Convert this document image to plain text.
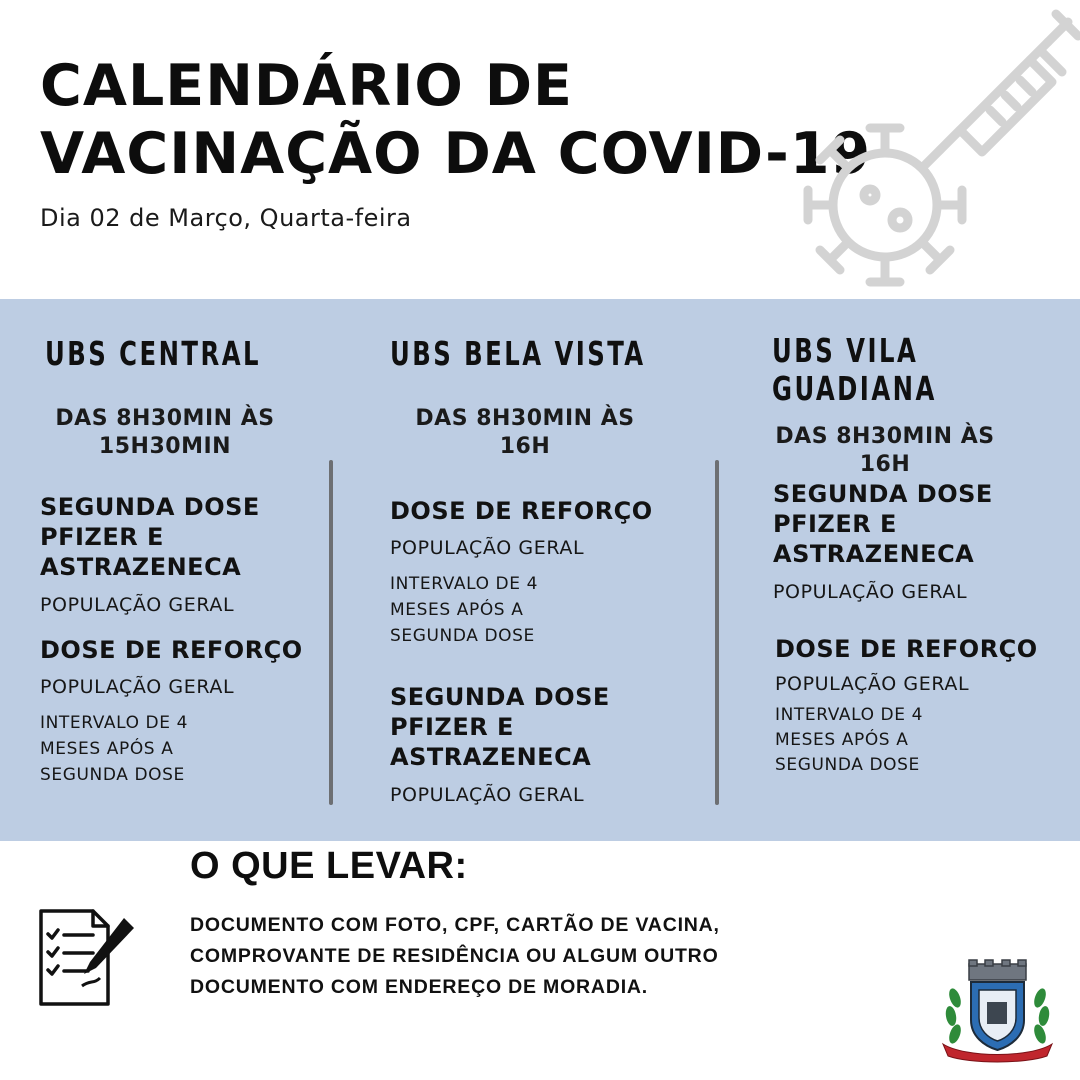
CALENDÁRIO DE
VACINAÇÃO DA COVID-19
Dia 02 de Março, Quarta-feira
UBS CENTRAL
DAS 8H30MIN ÀS
15H30MIN
SEGUNDA DOSE
PFIZER E
ASTRAZENECA
POPULAÇÃO GERAL
DOSE DE REFORÇO
POPULAÇÃO GERAL
INTERVALO DE 4
MESES APÓS A
SEGUNDA DOSE
UBS BELA VISTA
DAS 8H30MIN ÀS
16H
DOSE DE REFORÇO
POPULAÇÃO GERAL
INTERVALO DE 4
MESES APÓS A
SEGUNDA DOSE
SEGUNDA DOSE
PFIZER E
ASTRAZENECA
POPULAÇÃO GERAL
UBS VILA
GUADIANA
DAS 8H30MIN ÀS
16H
SEGUNDA DOSE
PFIZER E
ASTRAZENECA
POPULAÇÃO GERAL
DOSE DE REFORÇO
POPULAÇÃO GERAL
INTERVALO DE 4
MESES APÓS A
SEGUNDA DOSE
O QUE LEVAR:
DOCUMENTO COM FOTO, CPF, CARTÃO DE VACINA,
COMPROVANTE DE RESIDÊNCIA OU ALGUM OUTRO
DOCUMENTO COM ENDEREÇO DE MORADIA.
